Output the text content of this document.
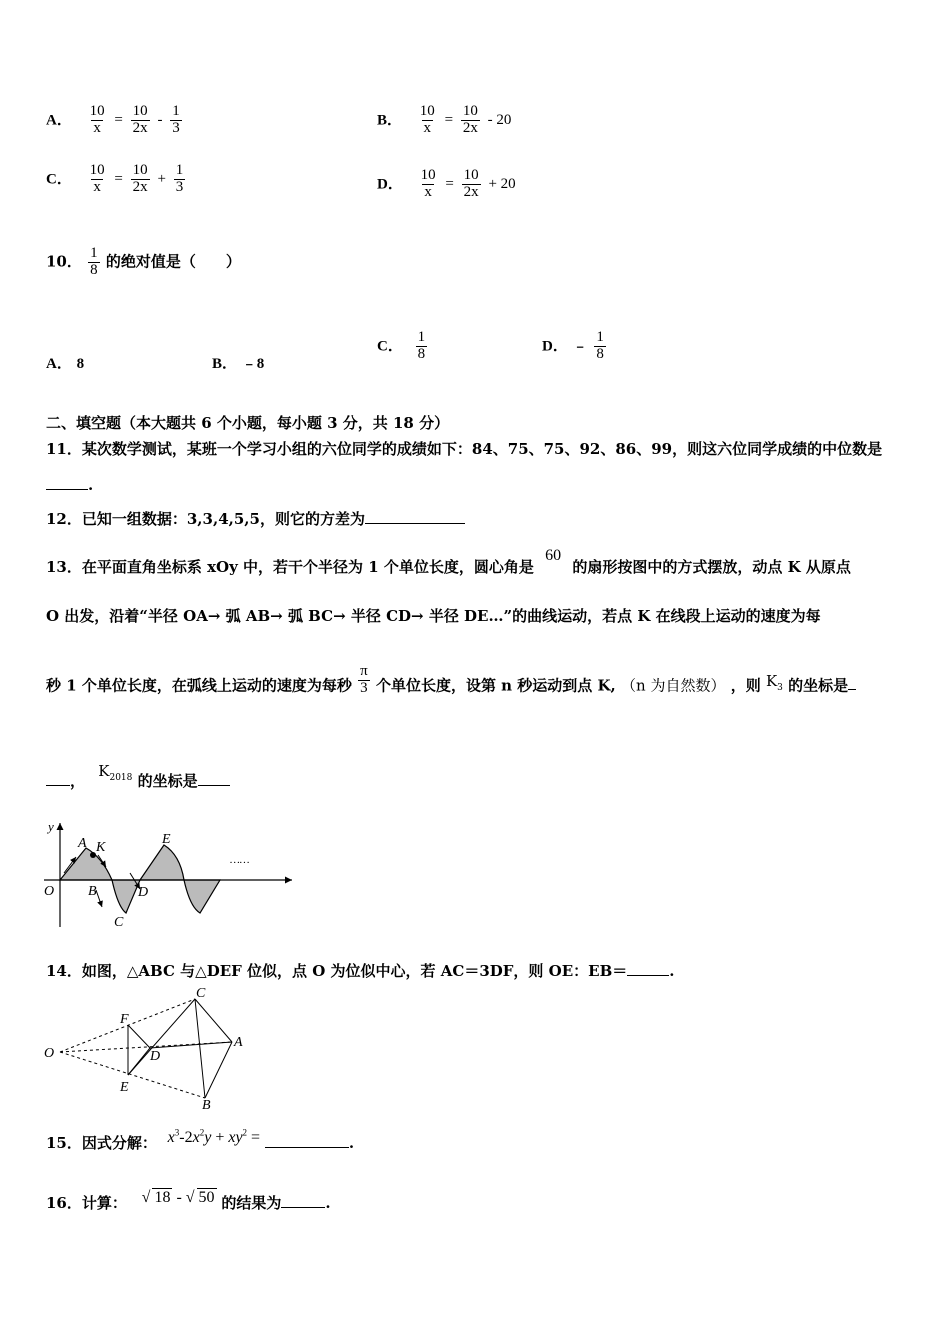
A． $\frac{10}{x} = \frac{10}{2x} - \frac{1}{3}$	B． $\frac{10}{x} = \frac{10}{2x} - 20$
C． $\frac{10}{x} = \frac{10}{2x} + \frac{1}{3}$	D． $\frac{10}{x} = \frac{10}{2x} + 20$
10． $\frac{1}{8}$ 的绝对值是（　　）
A． 8	B． ﹣8
C． $\frac{1}{8}$	D． ﹣ $\frac{1}{8}$
二、填空题（本大题共 6 个小题，每小题 3 分，共 18 分）
11．某次数学测试，某班一个学习小组的六位同学的成绩如下：84、75、75、92、86、99，则这六位同学成绩的中位数是
.
12．已知一组数据：3,3,4,5,5，则它的方差为
13．在平面直角坐标系 xOy 中，若干个半径为 1 个单位长度，圆心角是 60 的扇形按图中的方式摆放，动点 K 从原点
O 出发，沿着“半径 OA→ 弧 AB→ 弧 BC→ 半径 CD→ 半径 DE…”的曲线运动，若点 K 在线段上运动的速度为每
秒 1 个单位长度，在弧线上运动的速度为每秒 $\frac{\pi}{3}$ 个单位长度，设第 n 秒运动到点 K, （n 为自然数） ，则 $K_3$ 的坐标是
， $K_{2018}$ 的坐标是
y
O
A K
B
C
D
E
……
14．如图，△ABC 与△DEF 位似，点 O 为位似中心，若 AC＝3DF，则 OE：EB＝	.
O
F
E
D
C
A
B
15．因式分解： $x^3-2x^2y + xy^2$ =	.
16．计算： √ 18 - √ 50 的结果为	.
